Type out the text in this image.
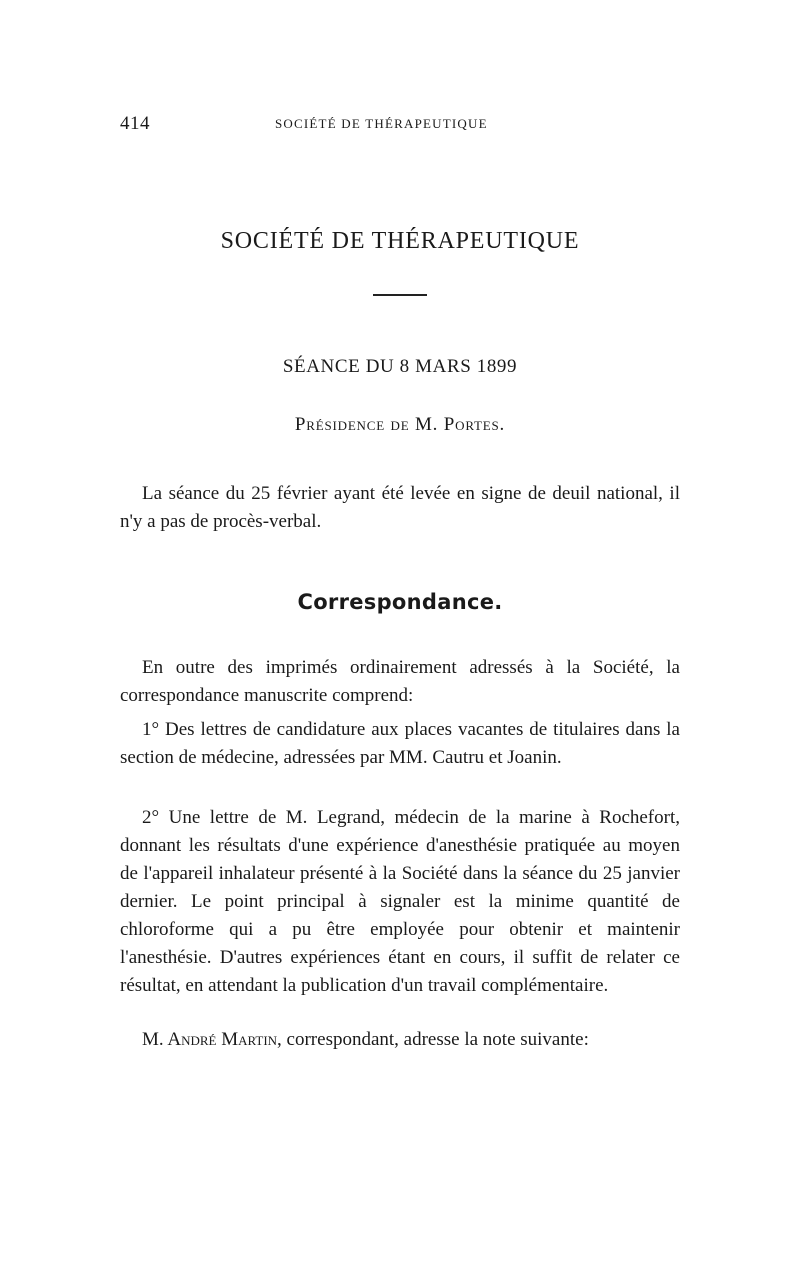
414	SOCIÉTÉ DE THÉRAPEUTIQUE
SOCIÉTÉ DE THÉRAPEUTIQUE
SÉANCE DU 8 MARS 1899
Présidence de M. Portes.

La séance du 25 février ayant été levée en signe de deuil national, il n'y a pas de procès-verbal.

Correspondance.

En outre des imprimés ordinairement adressés à la Société, la correspondance manuscrite comprend:

1° Des lettres de candidature aux places vacantes de titulaires dans la section de médecine, adressées par MM. Cautru et Joanin.

2° Une lettre de M. Legrand, médecin de la marine à Rochefort, donnant les résultats d'une expérience d'anesthésie pratiquée au moyen de l'appareil inhalateur présenté à la Société dans la séance du 25 janvier dernier. Le point principal à signaler est la minime quantité de chloroforme qui a pu être employée pour obtenir et maintenir l'anesthésie. D'autres expériences étant en cours, il suffit de relater ce résultat, en attendant la publication d'un travail complémentaire.

M. André Martin, correspondant, adresse la note suivante:
